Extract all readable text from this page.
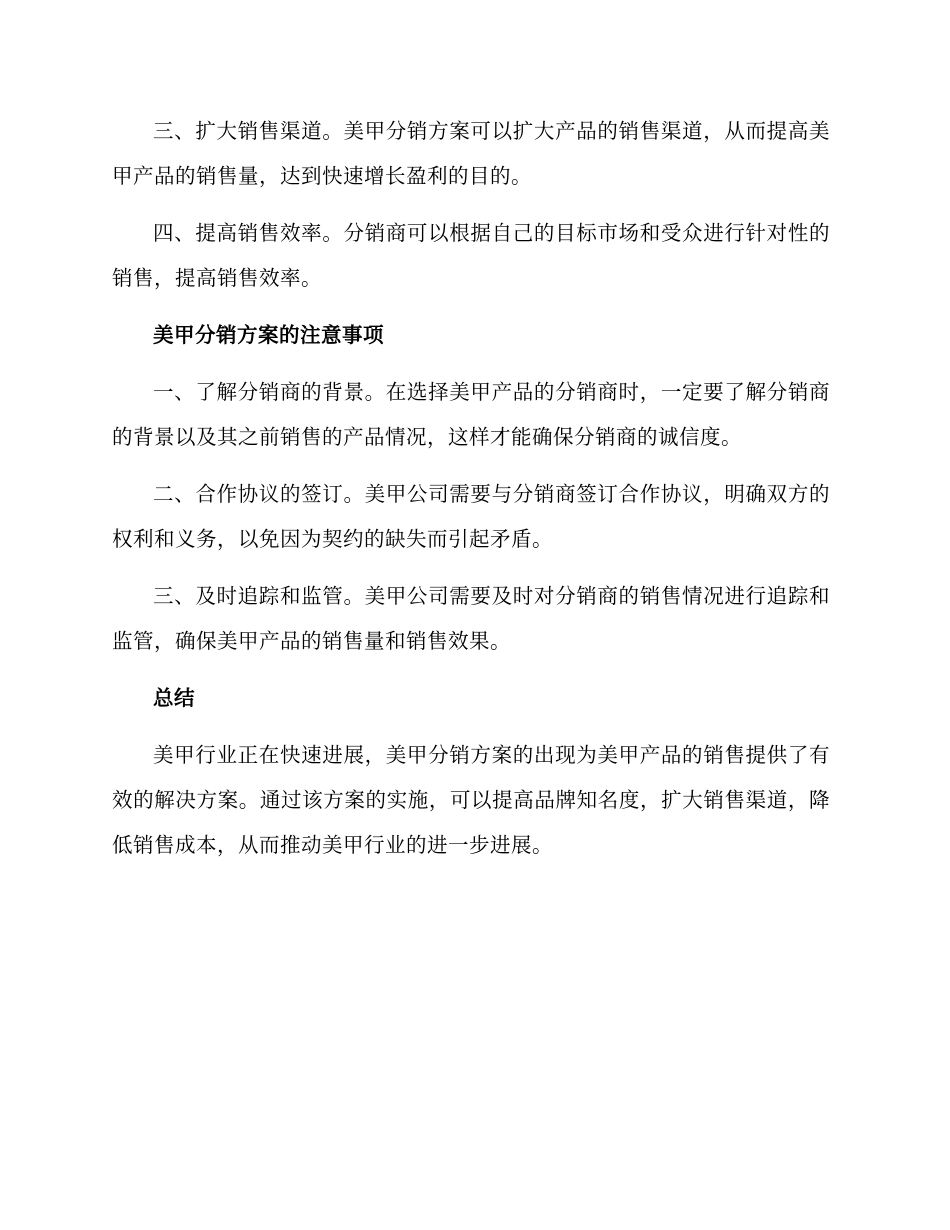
三、扩大销售渠道。美甲分销方案可以扩大产品的销售渠道，从而提高美甲产品的销售量，达到快速增长盈利的目的。

四、提高销售效率。分销商可以根据自己的目标市场和受众进行针对性的销售，提高销售效率。

美甲分销方案的注意事项

一、了解分销商的背景。在选择美甲产品的分销商时，一定要了解分销商的背景以及其之前销售的产品情况，这样才能确保分销商的诚信度。

二、合作协议的签订。美甲公司需要与分销商签订合作协议，明确双方的权利和义务，以免因为契约的缺失而引起矛盾。

三、及时追踪和监管。美甲公司需要及时对分销商的销售情况进行追踪和监管，确保美甲产品的销售量和销售效果。

总结

美甲行业正在快速进展，美甲分销方案的出现为美甲产品的销售提供了有效的解决方案。通过该方案的实施，可以提高品牌知名度，扩大销售渠道，降低销售成本，从而推动美甲行业的进一步进展。
